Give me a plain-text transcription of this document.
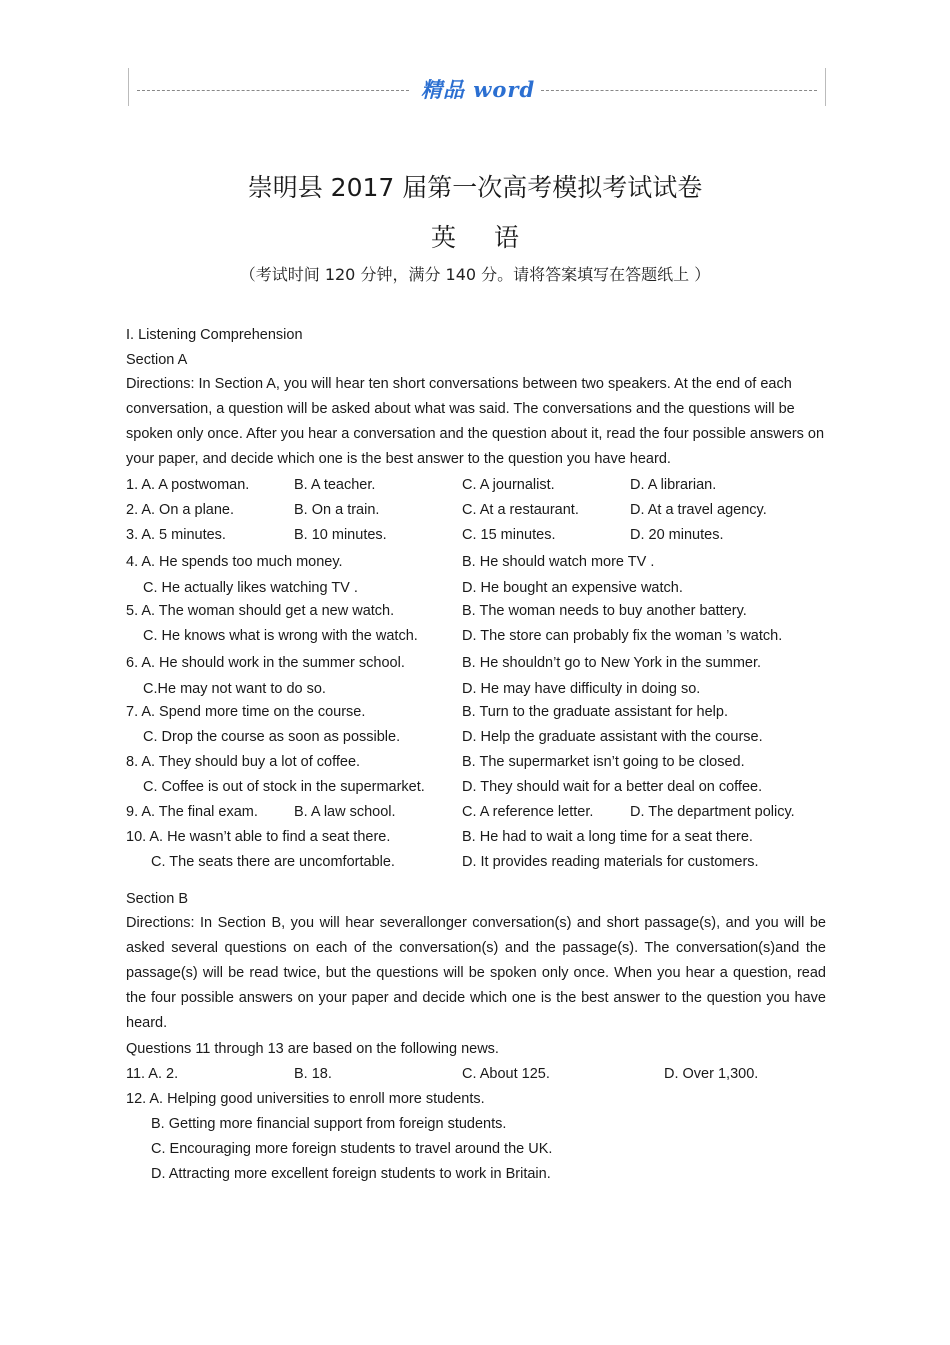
精品 word
崇明县 2017 届第一次高考模拟考试试卷
英语
（考试时间 120 分钟，满分 140 分。请将答案填写在答题纸上 ）
I. Listening Comprehension
Section A
Directions: In Section A, you will hear ten short conversations between two speakers. At the end of each conversation, a question will be asked about what was said. The conversations and the questions will be spoken only once. After you hear a conversation and the question about it, read the four possible answers on your paper, and decide which one is the best answer to the question you have heard.
1. A. A postwoman.	B. A teacher.	C. A journalist.	D. A librarian.
2. A. On a plane.	B. On a train.	C. At a restaurant.	D. At a travel agency.
3. A. 5 minutes.	B. 10 minutes.	C. 15 minutes.	D. 20 minutes.
4. A. He spends too much money.	B. He should watch more TV .
C. He actually likes watching TV .	D. He bought an expensive watch.
5. A. The woman should get a new watch.	B. The woman needs to buy another battery.
C. He knows what is wrong with the watch.	D. The store can probably fix the woman ’s watch.
6. A. He should work in the summer school.	B. He shouldn’t go to New York in the summer.
C.He may not want to do so.	D. He may have difficulty in doing so.
7. A. Spend more time on the course.	B. Turn to the graduate assistant for help.
C. Drop the course as soon as possible.	D. Help the graduate assistant with the course.
8. A. They should buy a lot of coffee.	B. The supermarket isn’t going to be closed.
C. Coffee is out of stock in the supermarket.	D. They should wait for a better deal on coffee.
9. A. The final exam. B. A law school.	C. A reference letter.	D. The department policy.
10. A. He wasn’t able to find a seat there.	B. He had to wait a long time for a seat there.
C. The seats there are uncomfortable.	D. It provides reading materials for customers.
Section B
Directions: In Section B, you will hear severallonger conversation(s) and short passage(s), and you will be asked several questions on each of the conversation(s) and the passage(s). The conversation(s)and the passage(s) will be read twice, but the questions will be spoken only once. When you hear a question, read the four possible answers on your paper and decide which one is the best answer to the question you have heard.
Questions 11 through 13 are based on the following news.
11. A. 2.	B. 18.	C. About 125.	D. Over 1,300.
12. A. Helping good universities to enroll more students.
B. Getting more financial support from foreign students.
C. Encouraging more foreign students to travel around the UK.
D. Attracting more excellent foreign students to work in Britain.
